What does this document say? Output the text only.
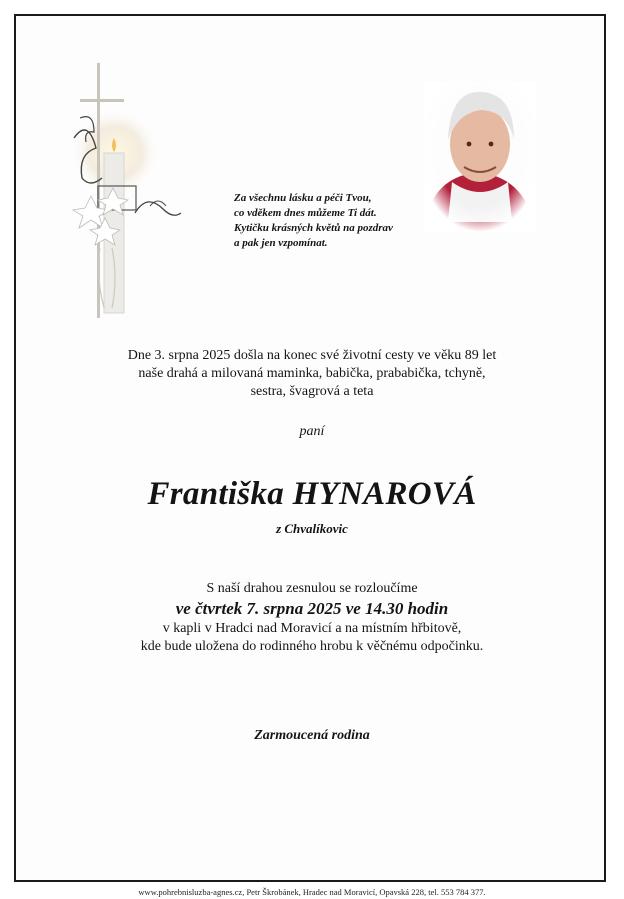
Za všechnu lásku a péči Tvou,
co vděkem dnes můžeme Ti dát.
Kytičku krásných květů na pozdrav
a pak jen vzpomínat.
Dne 3. srpna 2025 došla na konec své životní cesty ve věku 89 let
naše drahá a milovaná maminka, babička, prababička, tchyně,
sestra, švagrová a teta
paní
Františka HYNAROVÁ
z Chvalíkovic
S naší drahou zesnulou se rozloučíme
ve čtvrtek 7. srpna 2025 ve 14.30 hodin
v kapli v Hradci nad Moravicí a na místním hřbitově,
kde bude uložena do rodinného hrobu k věčnému odpočinku.
Zarmoucená rodina
www.pohrebnisluzba-agnes.cz, Petr Škrobánek, Hradec nad Moravicí, Opavská 228, tel. 553 784 377.
